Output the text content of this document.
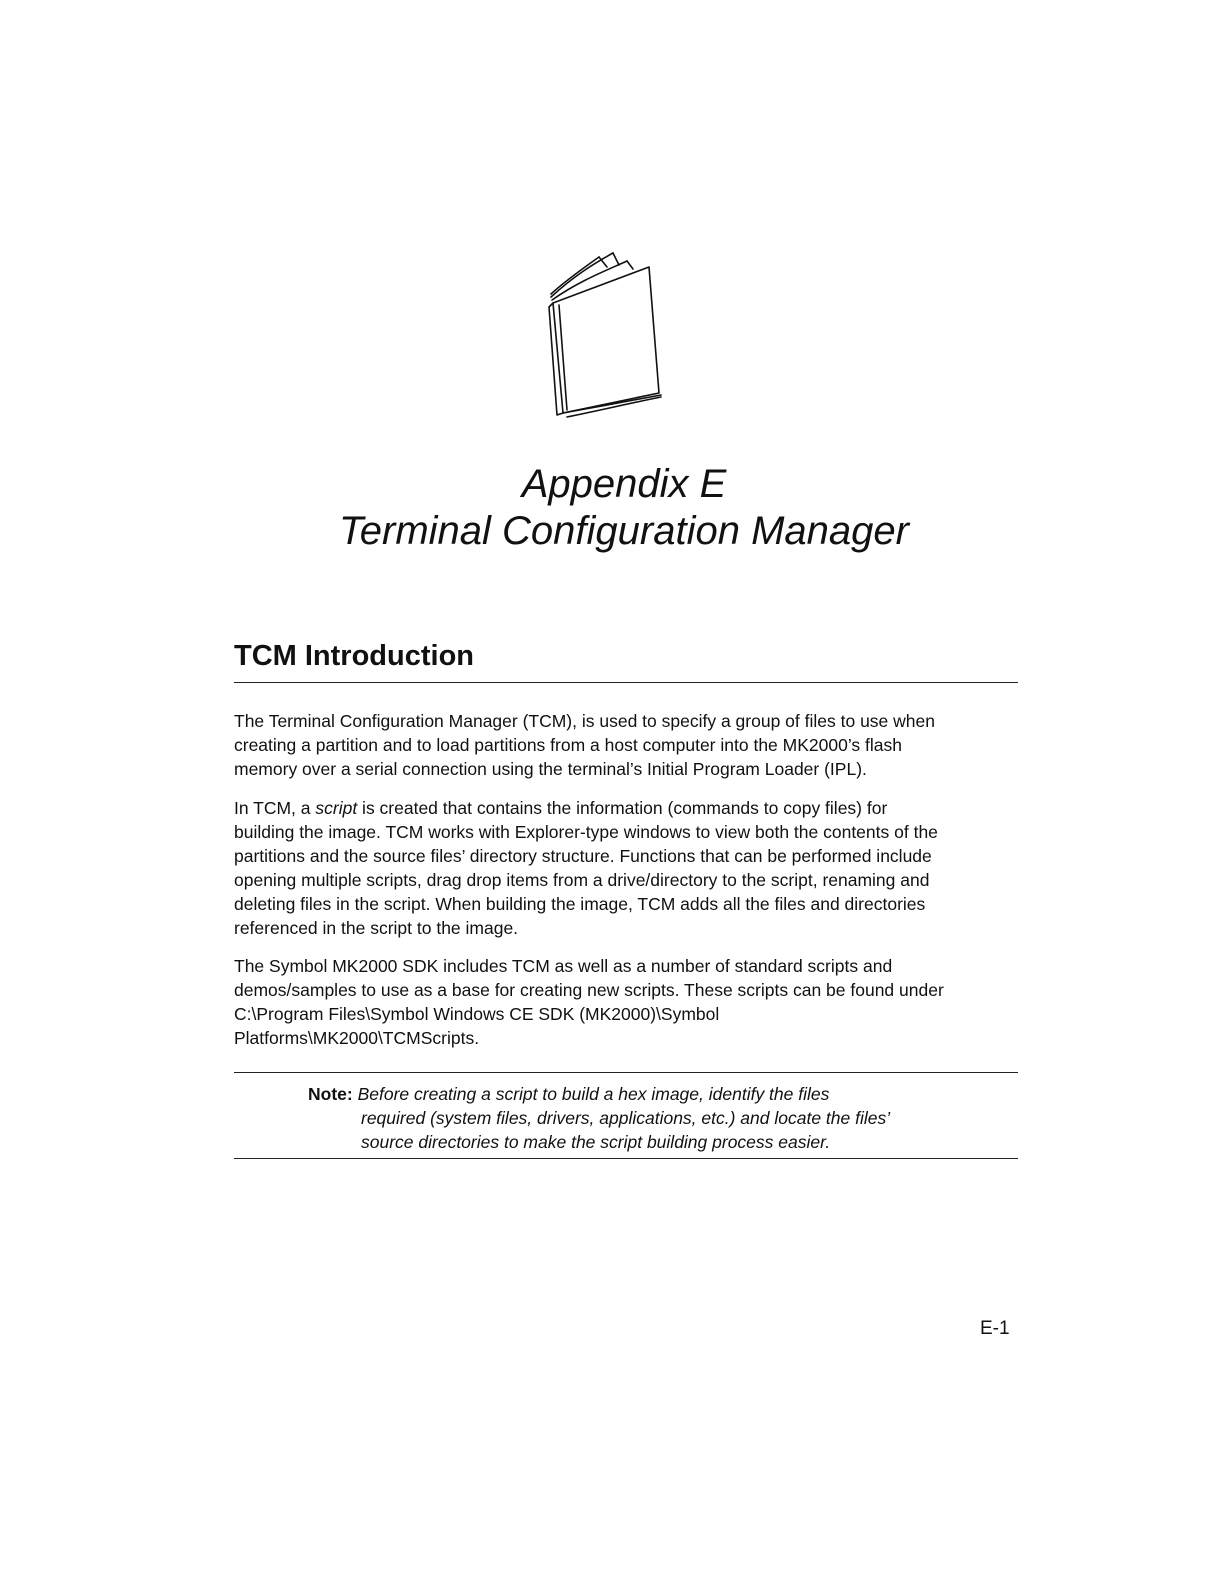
Appendix E
Terminal Configuration Manager
TCM Introduction
The Terminal Configuration Manager (TCM), is used to specify a group of files to use when
creating a partition and to load partitions from a host computer into the MK2000’s flash
memory over a serial connection using the terminal’s Initial Program Loader (IPL).
In TCM, a script is created that contains the information (commands to copy files) for
building the image. TCM works with Explorer-type windows to view both the contents of the
partitions and the source files’ directory structure. Functions that can be performed include
opening multiple scripts, drag drop items from a drive/directory to the script, renaming and
deleting files in the script. When building the image, TCM adds all the files and directories
referenced in the script to the image.
The Symbol MK2000 SDK includes TCM as well as a number of standard scripts and
demos/samples to use as a base for creating new scripts. These scripts can be found under
C:\Program Files\Symbol Windows CE SDK (MK2000)\Symbol
Platforms\MK2000\TCMScripts.
Note: Before creating a script to build a hex image, identify the files
required (system files, drivers, applications, etc.) and locate the files’
source directories to make the script building process easier.
E-1
